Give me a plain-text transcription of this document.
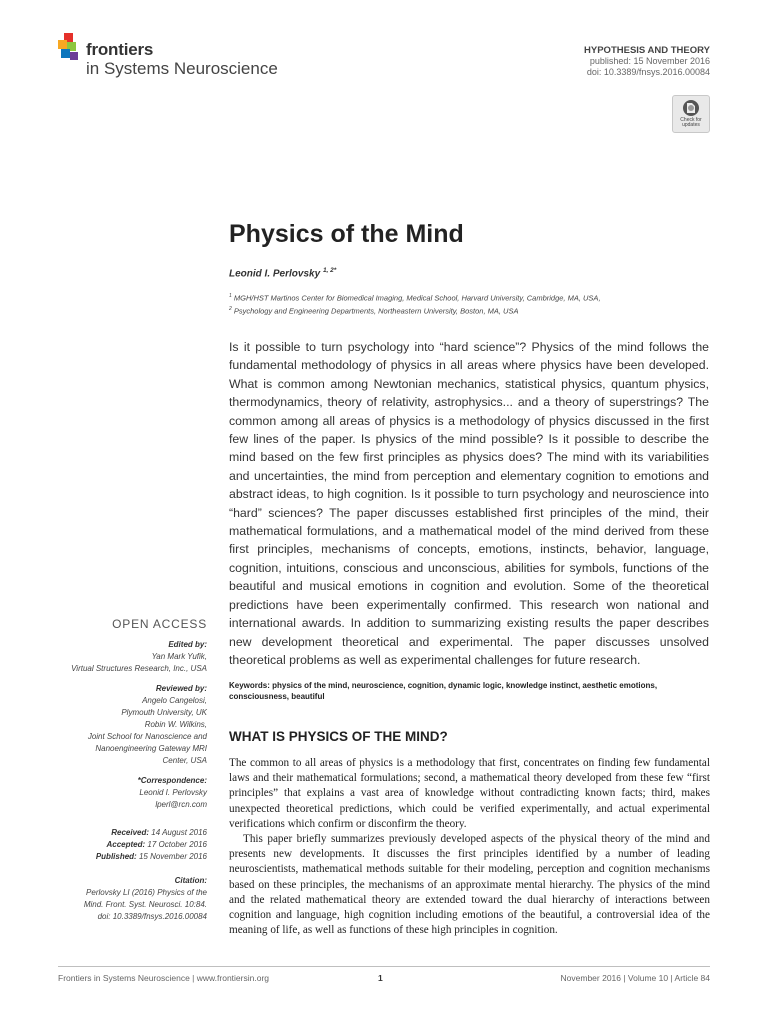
frontiers
in Systems Neuroscience
HYPOTHESIS AND THEORY
published: 15 November 2016
doi: 10.3389/fnsys.2016.00084
Check for
updates
Physics of the Mind
Leonid I. Perlovsky $^{1, 2*}$
$^1$ MGH/HST Martinos Center for Biomedical Imaging, Medical School, Harvard University, Cambridge, MA, USA,
$^2$ Psychology and Engineering Departments, Northeastern University, Boston, MA, USA
Is it possible to turn psychology into “hard science”? Physics of the mind follows the fundamental methodology of physics in all areas where physics have been developed. What is common among Newtonian mechanics, statistical physics, quantum physics, thermodynamics, theory of relativity, astrophysics... and a theory of superstrings? The common among all areas of physics is a methodology of physics discussed in the first few lines of the paper. Is physics of the mind possible? Is it possible to describe the mind based on the few first principles as physics does? The mind with its variabilities and uncertainties, the mind from perception and elementary cognition to emotions and abstract ideas, to high cognition. Is it possible to turn psychology and neuroscience into “hard” sciences? The paper discusses established first principles of the mind, their mathematical formulations, and a mathematical model of the mind derived from these first principles, mechanisms of concepts, emotions, instincts, behavior, language, cognition, intuitions, conscious and unconscious, abilities for symbols, functions of the beautiful and musical emotions in cognition and evolution. Some of the theoretical predictions have been experimentally confirmed. This research won national and international awards. In addition to summarizing existing results the paper describes new development theoretical and experimental. The paper discusses unsolved theoretical problems as well as experimental challenges for future research.
Keywords: physics of the mind, neuroscience, cognition, dynamic logic, knowledge instinct, aesthetic emotions, consciousness, beautiful
WHAT IS PHYSICS OF THE MIND?

The common to all areas of physics is a methodology that first, concentrates on finding few fundamental laws and their mathematical formulations; second, a mathematical theory developed from these few “first principles” that explains a vast area of knowledge without contradicting known facts; third, makes unexpected theoretical predictions, which could be verified experimentally, and actual experimental verifications which confirm or disconfirm the theory.

This paper briefly summarizes previously developed aspects of the physical theory of the mind and presents new developments. It discusses the first principles identified by a number of leading neuroscientists, mathematical methods suitable for their modeling, perception and cognition mechanisms based on these principles, the mechanisms of an approximate mental hierarchy. The physics of the mind and the related mathematical theory are extended toward the dual hierarchy of interactions between cognition and language, high cognition including emotions of the beautiful, a controversial idea of the meaning of life, as well as functions of these high principles in cognition.

OPEN ACCESS
Edited by:
Yan Mark Yufik,
Virtual Structures Research, Inc., USA
Reviewed by:
Angelo Cangelosi,
Plymouth University, UK
Robin W. Wilkins,
Joint School for Nanoscience and
Nanoengineering Gateway MRI
Center, USA
*Correspondence:
Leonid I. Perlovsky
lperl@rcn.com
Received: 14 August 2016
Accepted: 17 October 2016
Published: 15 November 2016
Citation:
Perlovsky LI (2016) Physics of the
Mind. Front. Syst. Neurosci. 10:84.
doi: 10.3389/fnsys.2016.00084
Frontiers in Systems Neuroscience | www.frontiersin.org	1	November 2016 | Volume 10 | Article 84
